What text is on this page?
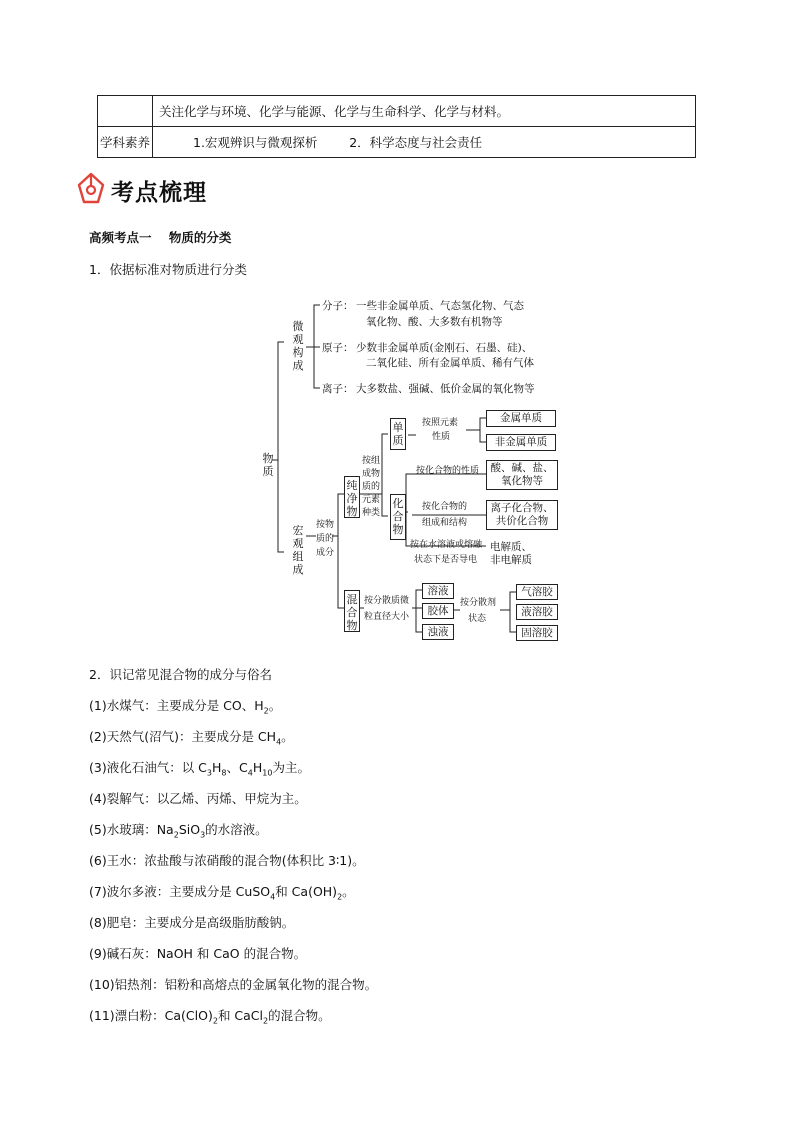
	关注化学与环境、化学与能源、化学与生命科学、化学与材料。
学科素养	1.宏观辨识与微观探析        2．科学态度与社会责任
考点梳理
高频考点一    物质的分类
1．依据标准对物质进行分类
物质
微观构成
宏观组成
分子： 一些非金属单质、气态氢化物、气态
氧化物、酸、大多数有机物等
原子： 少数非金属单质(金刚石、石墨、硅)、
二氧化硅、所有金属单质、稀有气体
离子： 大多数盐、强碱、低价金属的氧化物等
按物
质的
成分
纯净物
混合物
按组
成物
质的
元素
种类
单质
化合物
按照元素
性质
金属单质
非金属单质
按化合物的性质	酸、碱、盐、
氧化物等
按化合物的
组成和结构
离子化合物、
共价化合物
按在水溶液或熔融
状态下是否导电
电解质、
非电解质
按分散质微
粒直径大小
溶液
胶体
浊液
按分散剂
状态
气溶胶
液溶胶
固溶胶
2．识记常见混合物的成分与俗名
(1)水煤气：主要成分是 CO、$H_2$。
(2)天然气(沼气)：主要成分是 $CH_4$。
(3)液化石油气：以 $C_3H_8$、$C_4H_{10}$为主。
(4)裂解气：以乙烯、丙烯、甲烷为主。
(5)水玻璃：$Na_2SiO_3$的水溶液。
(6)王水：浓盐酸与浓硝酸的混合物(体积比 3∶1)。
(7)波尔多液：主要成分是 CuSO$_4$和 $Ca(OH)_2$。
(8)肥皂：主要成分是高级脂肪酸钠。
(9)碱石灰：NaOH 和 CaO 的混合物。
(10)铝热剂：铝粉和高熔点的金属氧化物的混合物。
(11)漂白粉：$Ca(ClO)_2$和 CaCl$_2$的混合物。
